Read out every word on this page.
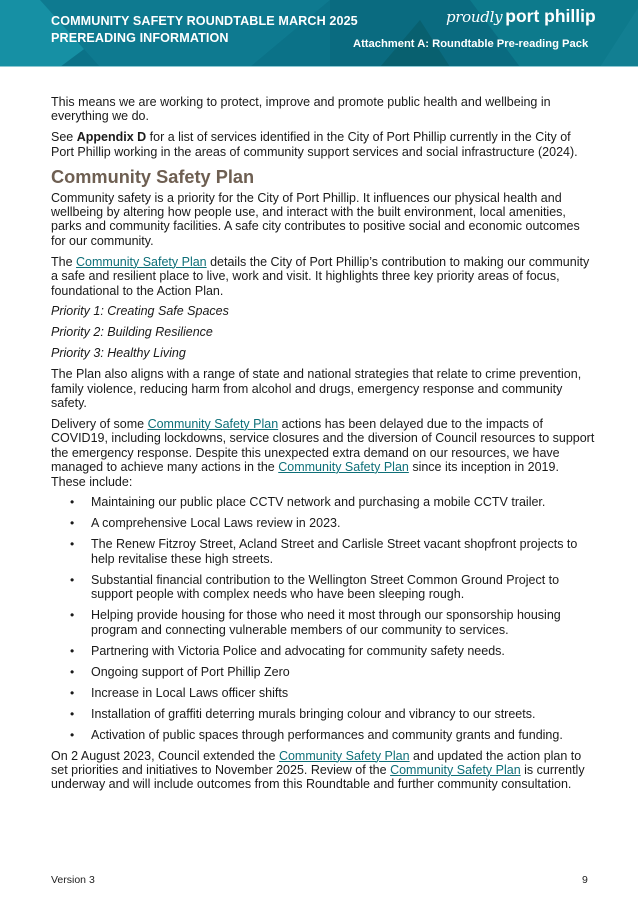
COMMUNITY SAFETY ROUNDTABLE MARCH 2025
PREREADING INFORMATION
proudly port phillip
Attachment A: Roundtable Pre-reading Pack

This means we are working to protect, improve and promote public health and wellbeing in everything we do.

See Appendix D for a list of services identified in the City of Port Phillip currently in the City of Port Phillip working in the areas of community support services and social infrastructure (2024).

Community Safety Plan

Community safety is a priority for the City of Port Phillip. It influences our physical health and wellbeing by altering how people use, and interact with the built environment, local amenities, parks and community facilities. A safe city contributes to positive social and economic outcomes for our community.

The Community Safety Plan details the City of Port Phillip’s contribution to making our community a safe and resilient place to live, work and visit. It highlights three key priority areas of focus, foundational to the Action Plan.

Priority 1: Creating Safe Spaces

Priority 2: Building Resilience

Priority 3: Healthy Living

The Plan also aligns with a range of state and national strategies that relate to crime prevention, family violence, reducing harm from alcohol and drugs, emergency response and community safety.

Delivery of some Community Safety Plan actions has been delayed due to the impacts of COVID19, including lockdowns, service closures and the diversion of Council resources to support the emergency response. Despite this unexpected extra demand on our resources, we have managed to achieve many actions in the Community Safety Plan since its inception in 2019. These include:

• Maintaining our public place CCTV network and purchasing a mobile CCTV trailer.
• A comprehensive Local Laws review in 2023.
• The Renew Fitzroy Street, Acland Street and Carlisle Street vacant shopfront projects to help revitalise these high streets.
• Substantial financial contribution to the Wellington Street Common Ground Project to support people with complex needs who have been sleeping rough.
• Helping provide housing for those who need it most through our sponsorship housing program and connecting vulnerable members of our community to services.
• Partnering with Victoria Police and advocating for community safety needs.
• Ongoing support of Port Phillip Zero
• Increase in Local Laws officer shifts
• Installation of graffiti deterring murals bringing colour and vibrancy to our streets.
• Activation of public spaces through performances and community grants and funding.

On 2 August 2023, Council extended the Community Safety Plan and updated the action plan to set priorities and initiatives to November 2025. Review of the Community Safety Plan is currently underway and will include outcomes from this Roundtable and further community consultation.

Version 3	9
